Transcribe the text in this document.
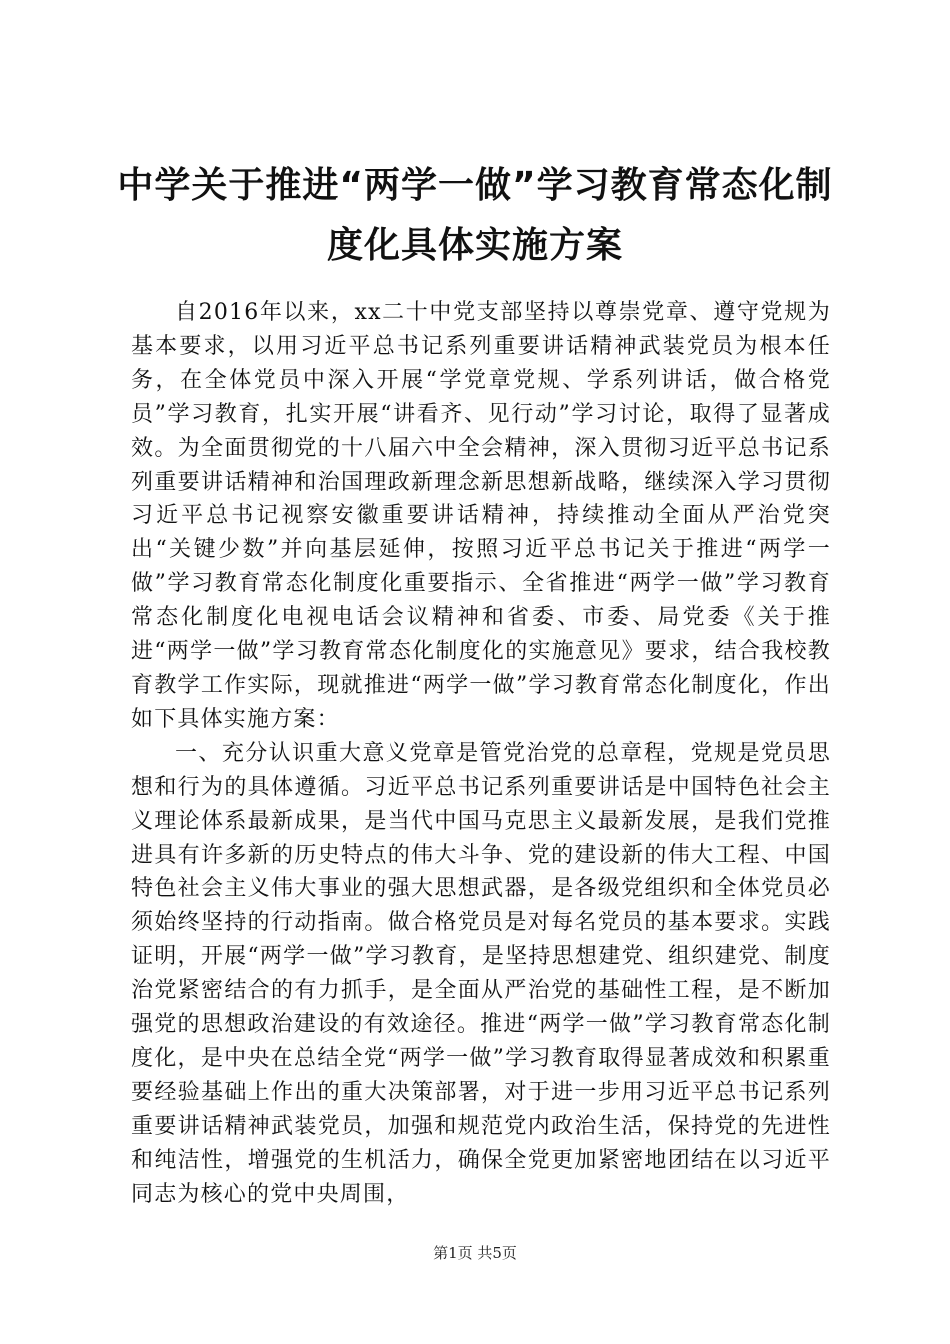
中学关于推进“两学一做”学习教育常态化制
度化具体实施方案

自2016年以来，xx二十中党支部坚持以尊崇党章、遵守党规为基本要求，以用习近平总书记系列重要讲话精神武装党员为根本任务，在全体党员中深入开展“学党章党规、学系列讲话，做合格党员”学习教育，扎实开展“讲看齐、见行动”学习讨论，取得了显著成效。为全面贯彻党的十八届六中全会精神，深入贯彻习近平总书记系列重要讲话精神和治国理政新理念新思想新战略，继续深入学习贯彻习近平总书记视察安徽重要讲话精神，持续推动全面从严治党突出“关键少数”并向基层延伸，按照习近平总书记关于推进“两学一做”学习教育常态化制度化重要指示、全省推进“两学一做”学习教育常态化制度化电视电话会议精神和省委、市委、局党委《关于推进“两学一做”学习教育常态化制度化的实施意见》要求，结合我校教育教学工作实际，现就推进“两学一做”学习教育常态化制度化，作出如下具体实施方案：

一、充分认识重大意义党章是管党治党的总章程，党规是党员思想和行为的具体遵循。习近平总书记系列重要讲话是中国特色社会主义理论体系最新成果，是当代中国马克思主义最新发展，是我们党推进具有许多新的历史特点的伟大斗争、党的建设新的伟大工程、中国特色社会主义伟大事业的强大思想武器，是各级党组织和全体党员必须始终坚持的行动指南。做合格党员是对每名党员的基本要求。实践证明，开展“两学一做”学习教育，是坚持思想建党、组织建党、制度治党紧密结合的有力抓手，是全面从严治党的基础性工程，是不断加强党的思想政治建设的有效途径。推进“两学一做”学习教育常态化制度化，是中央在总结全党“两学一做”学习教育取得显著成效和积累重要经验基础上作出的重大决策部署，对于进一步用习近平总书记系列重要讲话精神武装党员，加强和规范党内政治生活，保持党的先进性和纯洁性，增强党的生机活力，确保全党更加紧密地团结在以习近平同志为核心的党中央周围，

第1页 共5页
